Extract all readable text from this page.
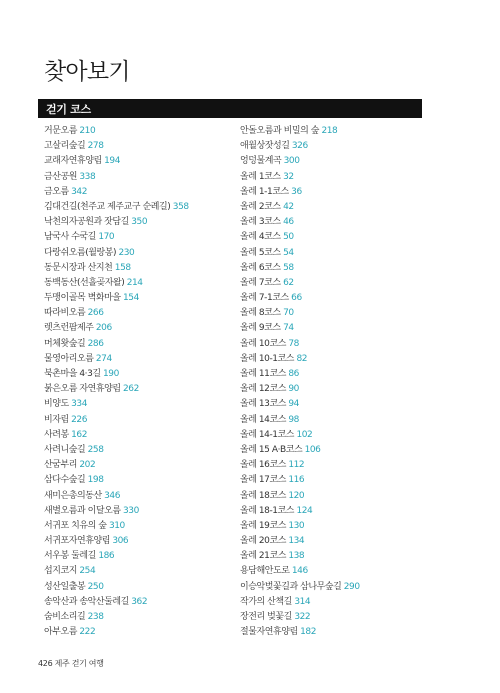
찾아보기
걷기 코스
거문오름 210
고살리숲길 278
교래자연휴양림 194
금산공원 338
금오름 342
김대건길(천주교 제주교구 순례길) 358
낙천의자공원과 잣담길 350
남국사 수국길 170
다랑쉬오름(월랑봉) 230
동문시장과 산지천 158
동백동산(선흘곶자왈) 214
두맹이골목 벽화마을 154
따라비오름 266
렛츠런팜제주 206
머체왓숲길 286
물영아리오름 274
북촌마을 4·3길 190
붉은오름 자연휴양림 262
비양도 334
비자림 226
사려봉 162
사려니숲길 258
산굼부리 202
삼다수숲길 198
새미은총의동산 346
새별오름과 이달오름 330
서귀포 치유의 숲 310
서귀포자연휴양림 306
서우봉 둘레길 186
섭지코지 254
성산일출봉 250
송악산과 송악산둘레길 362
숨비소리길 238
아부오름 222
안돌오름과 비밀의 숲 218
애월상잣성길 326
엉덩물계곡 300
올레 1코스 32
올레 1-1코스 36
올레 2코스 42
올레 3코스 46
올레 4코스 50
올레 5코스 54
올레 6코스 58
올레 7코스 62
올레 7-1코스 66
올레 8코스 70
올레 9코스 74
올레 10코스 78
올레 10-1코스 82
올레 11코스 86
올레 12코스 90
올레 13코스 94
올레 14코스 98
올레 14-1코스 102
올레 15 A·B코스 106
올레 16코스 112
올레 17코스 116
올레 18코스 120
올레 18-1코스 124
올레 19코스 130
올레 20코스 134
올레 21코스 138
용담해안도로 146
이승악벚꽃길과 삼나무숲길 290
작가의 산책길 314
장전리 벚꽃길 322
절물자연휴양림 182
426 제주 걷기 여행
